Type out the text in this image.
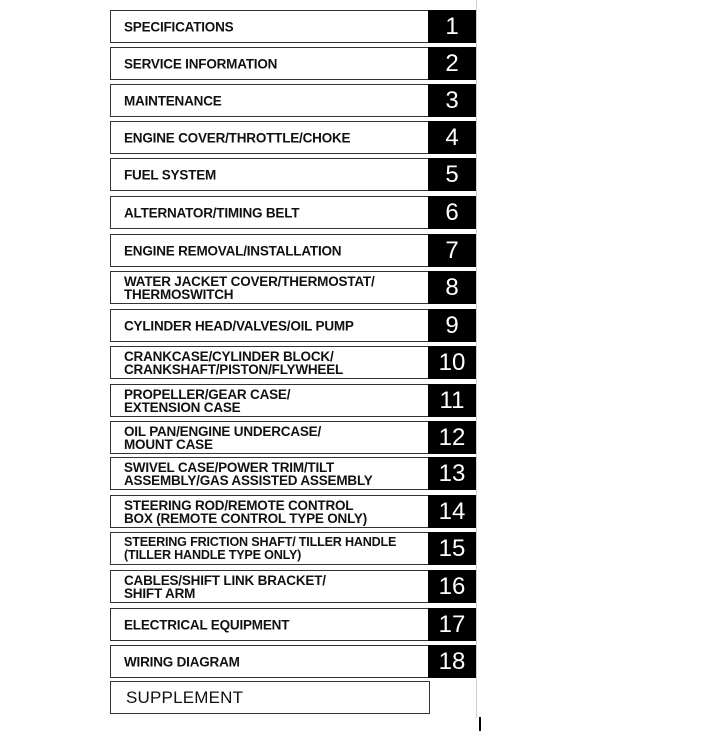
SPECIFICATIONS	1
SERVICE INFORMATION	2
MAINTENANCE	3
ENGINE COVER/THROTTLE/CHOKE	4
FUEL SYSTEM	5
ALTERNATOR/TIMING BELT	6
ENGINE REMOVAL/INSTALLATION	7
WATER JACKET COVER/THERMOSTAT/
THERMOSWITCH	8
CYLINDER HEAD/VALVES/OIL PUMP	9
CRANKCASE/CYLINDER BLOCK/
CRANKSHAFT/PISTON/FLYWHEEL	10
PROPELLER/GEAR CASE/
EXTENSION CASE	11
OIL PAN/ENGINE UNDERCASE/
MOUNT CASE	12
SWIVEL CASE/POWER TRIM/TILT
ASSEMBLY/GAS ASSISTED ASSEMBLY	13
STEERING ROD/REMOTE CONTROL
BOX (REMOTE CONTROL TYPE ONLY)	14
STEERING FRICTION SHAFT/ TILLER HANDLE
(TILLER HANDLE TYPE ONLY)	15
CABLES/SHIFT LINK BRACKET/
SHIFT ARM	16
ELECTRICAL EQUIPMENT	17
WIRING DIAGRAM	18
SUPPLEMENT
